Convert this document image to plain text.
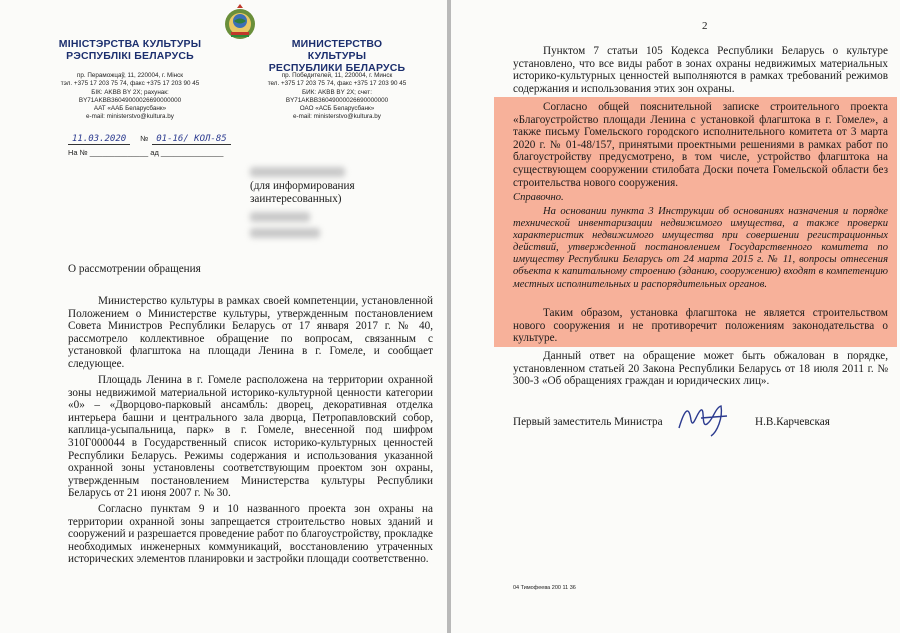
МІНІСТЭРСТВА КУЛЬТУРЫ
РЭСПУБЛІКІ БЕЛАРУСЬ
МИНИСТЕРСТВО КУЛЬТУРЫ
РЕСПУБЛИКИ БЕЛАРУСЬ
пр. Пераможцаў, 11, 220004, г. Мінск
тэл. +375 17 203 75 74, факс +375 17 203 90 45
БІК: AKBB BY 2X; рахунак:
BY71AKBB36049000026690000000
ААТ «ААБ Беларусбанк»
e-mail: ministerstvo@kultura.by
пр. Победителей, 11, 220004, г. Минск
тел. +375 17 203 75 74, факс +375 17 203 90 45
БИК: AKBB BY 2X; счет:
BY71AKBB36049000026690000000
ОАО «АСБ Беларусбанк»
e-mail: ministerstvo@kultura.by
11.03.2020 № 01-16/ КОЛ-85
На № ______________ ад _______________
(для информирования заинтересованных)
О рассмотрении обращения
Министерство культуры в рамках своей компетенции, установленной Положением о Министерстве культуры, утвержденным постановлением Совета Министров Республики Беларусь от 17 января 2017 г. № 40, рассмотрело коллективное обращение по вопросам, связанным с установкой флагштока на площади Ленина в г. Гомеле, и сообщает следующее.
Площадь Ленина в г. Гомеле расположена на территории охранной зоны недвижимой материальной историко-культурной ценности категории «0» – «Дворцово-парковый ансамбль: дворец, декоративная отделка интерьера башни и центрального зала дворца, Петропавловский собор, каплица-усыпальница, парк» в г. Гомеле, внесенной под шифром 310Г000044 в Государственный список историко-культурных ценностей Республики Беларусь. Режимы содержания и использования указанной охранной зоны установлены соответствующим проектом зон охраны, утвержденным постановлением Министерства культуры Республики Беларусь от 21 июня 2007 г. № 30.
Согласно пунктам 9 и 10 названного проекта зон охраны на территории охранной зоны запрещается строительство новых зданий и сооружений и разрешается проведение работ по благоустройству, прокладке необходимых инженерных коммуникаций, восстановлению утраченных исторических элементов планировки и застройки площади соответственно.
2
Пунктом 7 статьи 105 Кодекса Республики Беларусь о культуре установлено, что все виды работ в зонах охраны недвижимых материальных историко-культурных ценностей выполняются в рамках требований режимов содержания и использования этих зон охраны.
Согласно общей пояснительной записке строительного проекта «Благоустройство площади Ленина с установкой флагштока в г. Гомеле», а также письму Гомельского городского исполнительного комитета от 3 марта 2020 г. № 01-48/157, принятыми проектными решениями в рамках работ по благоустройству предусмотрено, в том числе, устройство флагштока на существующем сооружении стилобата Доски почета Гомельской области без строительства нового сооружения.
Справочно.
На основании пункта 3 Инструкции об основаниях назначения и порядке технической инвентаризации недвижимого имущества, а также проверки характеристик недвижимого имущества при совершении регистрационных действий, утвержденной постановлением Государственного комитета по имуществу Республики Беларусь от 24 марта 2015 г. № 11, вопросы отнесения объекта к капитальному строению (зданию, сооружению) входят в компетенцию местных исполнительных и распорядительных органов.
Таким образом, установка флагштока не является строительством нового сооружения и не противоречит положениям законодательства о культуре.
Данный ответ на обращение может быть обжалован в порядке, установленном статьей 20 Закона Республики Беларусь от 18 июля 2011 г. № 300-З «Об обращениях граждан и юридических лиц».
Первый заместитель Министра	Н.В.Карчевская
04 Тимофеева 200 11 36
